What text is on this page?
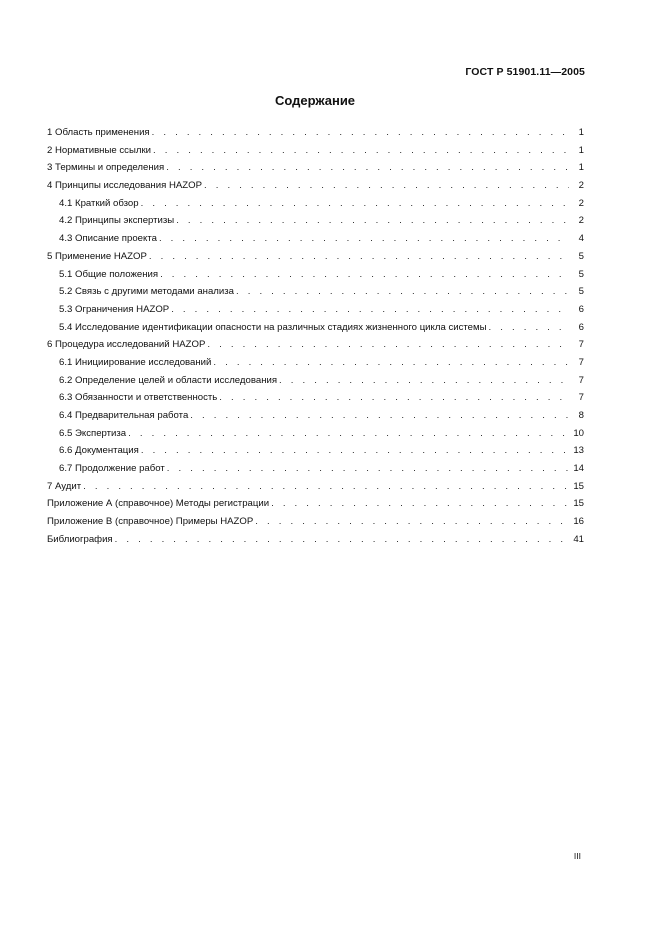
ГОСТ Р 51901.11—2005
Содержание
1 Область применения . . .	1
2 Нормативные ссылки . . .	1
3 Термины и определения . . .	1
4 Принципы исследования HAZOP . . .	2
4.1 Краткий обзор . . .	2
4.2 Принципы экспертизы . . .	2
4.3 Описание проекта . . .	4
5 Применение HAZOP . . .	5
5.1 Общие положения . . .	5
5.2 Связь с другими методами анализа . . .	5
5.3 Ограничения HAZOP . . .	6
5.4 Исследование идентификации опасности на различных стадиях жизненного цикла системы . . .	6
6 Процедура исследований HAZOP . . .	7
6.1 Инициирование исследований . . .	7
6.2 Определение целей и области исследования . . .	7
6.3 Обязанности и ответственность . . .	7
6.4 Предварительная работа . . .	8
6.5 Экспертиза . . .	10
6.6 Документация . . .	13
6.7 Продолжение работ . . .	14
7 Аудит . . .	15
Приложение А (справочное) Методы регистрации . . .	15
Приложение В (справочное) Примеры HAZOP . . .	16
Библиография . . .	41
III
